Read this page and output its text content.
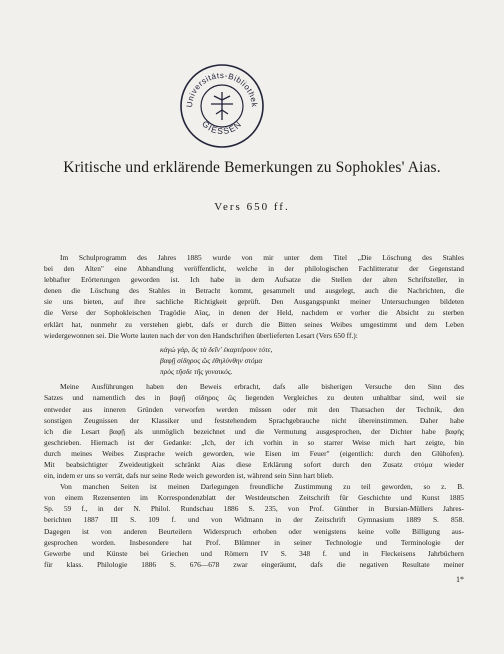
Universitäts-Bibliothek
GIESSEN
Kritische und erklärende Bemerkungen zu Sophokles' Aias.
Vers 650 ff.
Im Schulprogramm des Jahres 1885 wurde von mir unter dem Titel „Die Löschung des Stahles
bei den Alten" eine Abhandlung veröffentlicht, welche in der philologischen Fachlitteratur der Gegenstand
lebhafter Erörterungen geworden ist. Ich habe in dem Aufsatze die Stellen der alten Schriftsteller, in
denen die Löschung des Stahles in Betracht kommt, gesammelt und ausgelegt, auch die Nachrichten, die
sie uns bieten, auf ihre sachliche Richtigkeit geprüft. Den Ausgangspunkt meiner Untersuchungen bildeten
die Verse der Sophokleischen Tragödie Αἴας, in denen der Held, nachdem er vorher die Absicht zu sterben
erklärt hat, nunmehr zu verstehen giebt, dafs er durch die Bitten seines Weibes umgestimmt und dem Leben
wiedergewonnen sei. Die Worte lauten nach der von den Handschriften überlieferten Lesart (Vers 650 ff.):
κἀγὼ γάρ, ὃς τὰ δεῖν' ἐκαρτέρουν τότε,
βαφῇ σίδηρος ὣς ἐθηλύνθην στόμα
πρὸς τῆσδε τῆς γυναικός.
Meine Ausführungen haben den Beweis erbracht, dafs alle bisherigen Versuche den Sinn des
Satzes und namentlich des in βαφῇ σίδηρος ὥς liegenden Vergleiches zu deuten unhaltbar sind, weil sie
entweder aus inneren Gründen verworfen werden müssen oder mit den Thatsachen der Technik, den
sonstigen Zeugnissen der Klassiker und feststehendem Sprachgebrauche nicht übereinstimmen. Daher habe
ich die Lesart βαφῇ als unmöglich bezeichnet und die Vermutung ausgesprochen, der Dichter habe βαφὴς
geschrieben. Hiernach ist der Gedanke: „Ich, der ich vorhin in so starrer Weise mich hart zeigte, bin
durch meines Weibes Zusprache weich geworden, wie Eisen im Feuer" (eigentlich: durch den Glühofen).
Mit beabsichtigter Zweideutigkeit schränkt Aias diese Erklärung sofort durch den Zusatz στόμα wieder
ein, indem er uns so verrät, dafs nur seine Rede weich geworden ist, während sein Sinn hart blieb.
Von manchen Seiten ist meinen Darlegungen freundliche Zustimmung zu teil geworden, so z. B.
von einem Rezensenten im Korrespondenzblatt der Westdeutschen Zeitschrift für Geschichte und Kunst 1885
Sp. 59 f., in der N. Philol. Rundschau 1886 S. 235, von Prof. Günther in Bursian-Müllers Jahres-
berichten 1887 III S. 109 f. und von Widmann in der Zeitschrift Gymnasium 1889 S. 858.
Dagegen ist von anderen Beurteilern Widerspruch erhoben oder wenigstens keine volle Billigung aus-
gesprochen worden. Insbesondere hat Prof. Blümner in seiner Technologie und Terminologie der
Gewerbe und Künste bei Griechen und Römern IV S. 348 f. und in Fleckeisens Jahrbüchern
für klass. Philologie 1886 S. 676—678 zwar eingeräumt, dafs die negativen Resultate meiner
1*
